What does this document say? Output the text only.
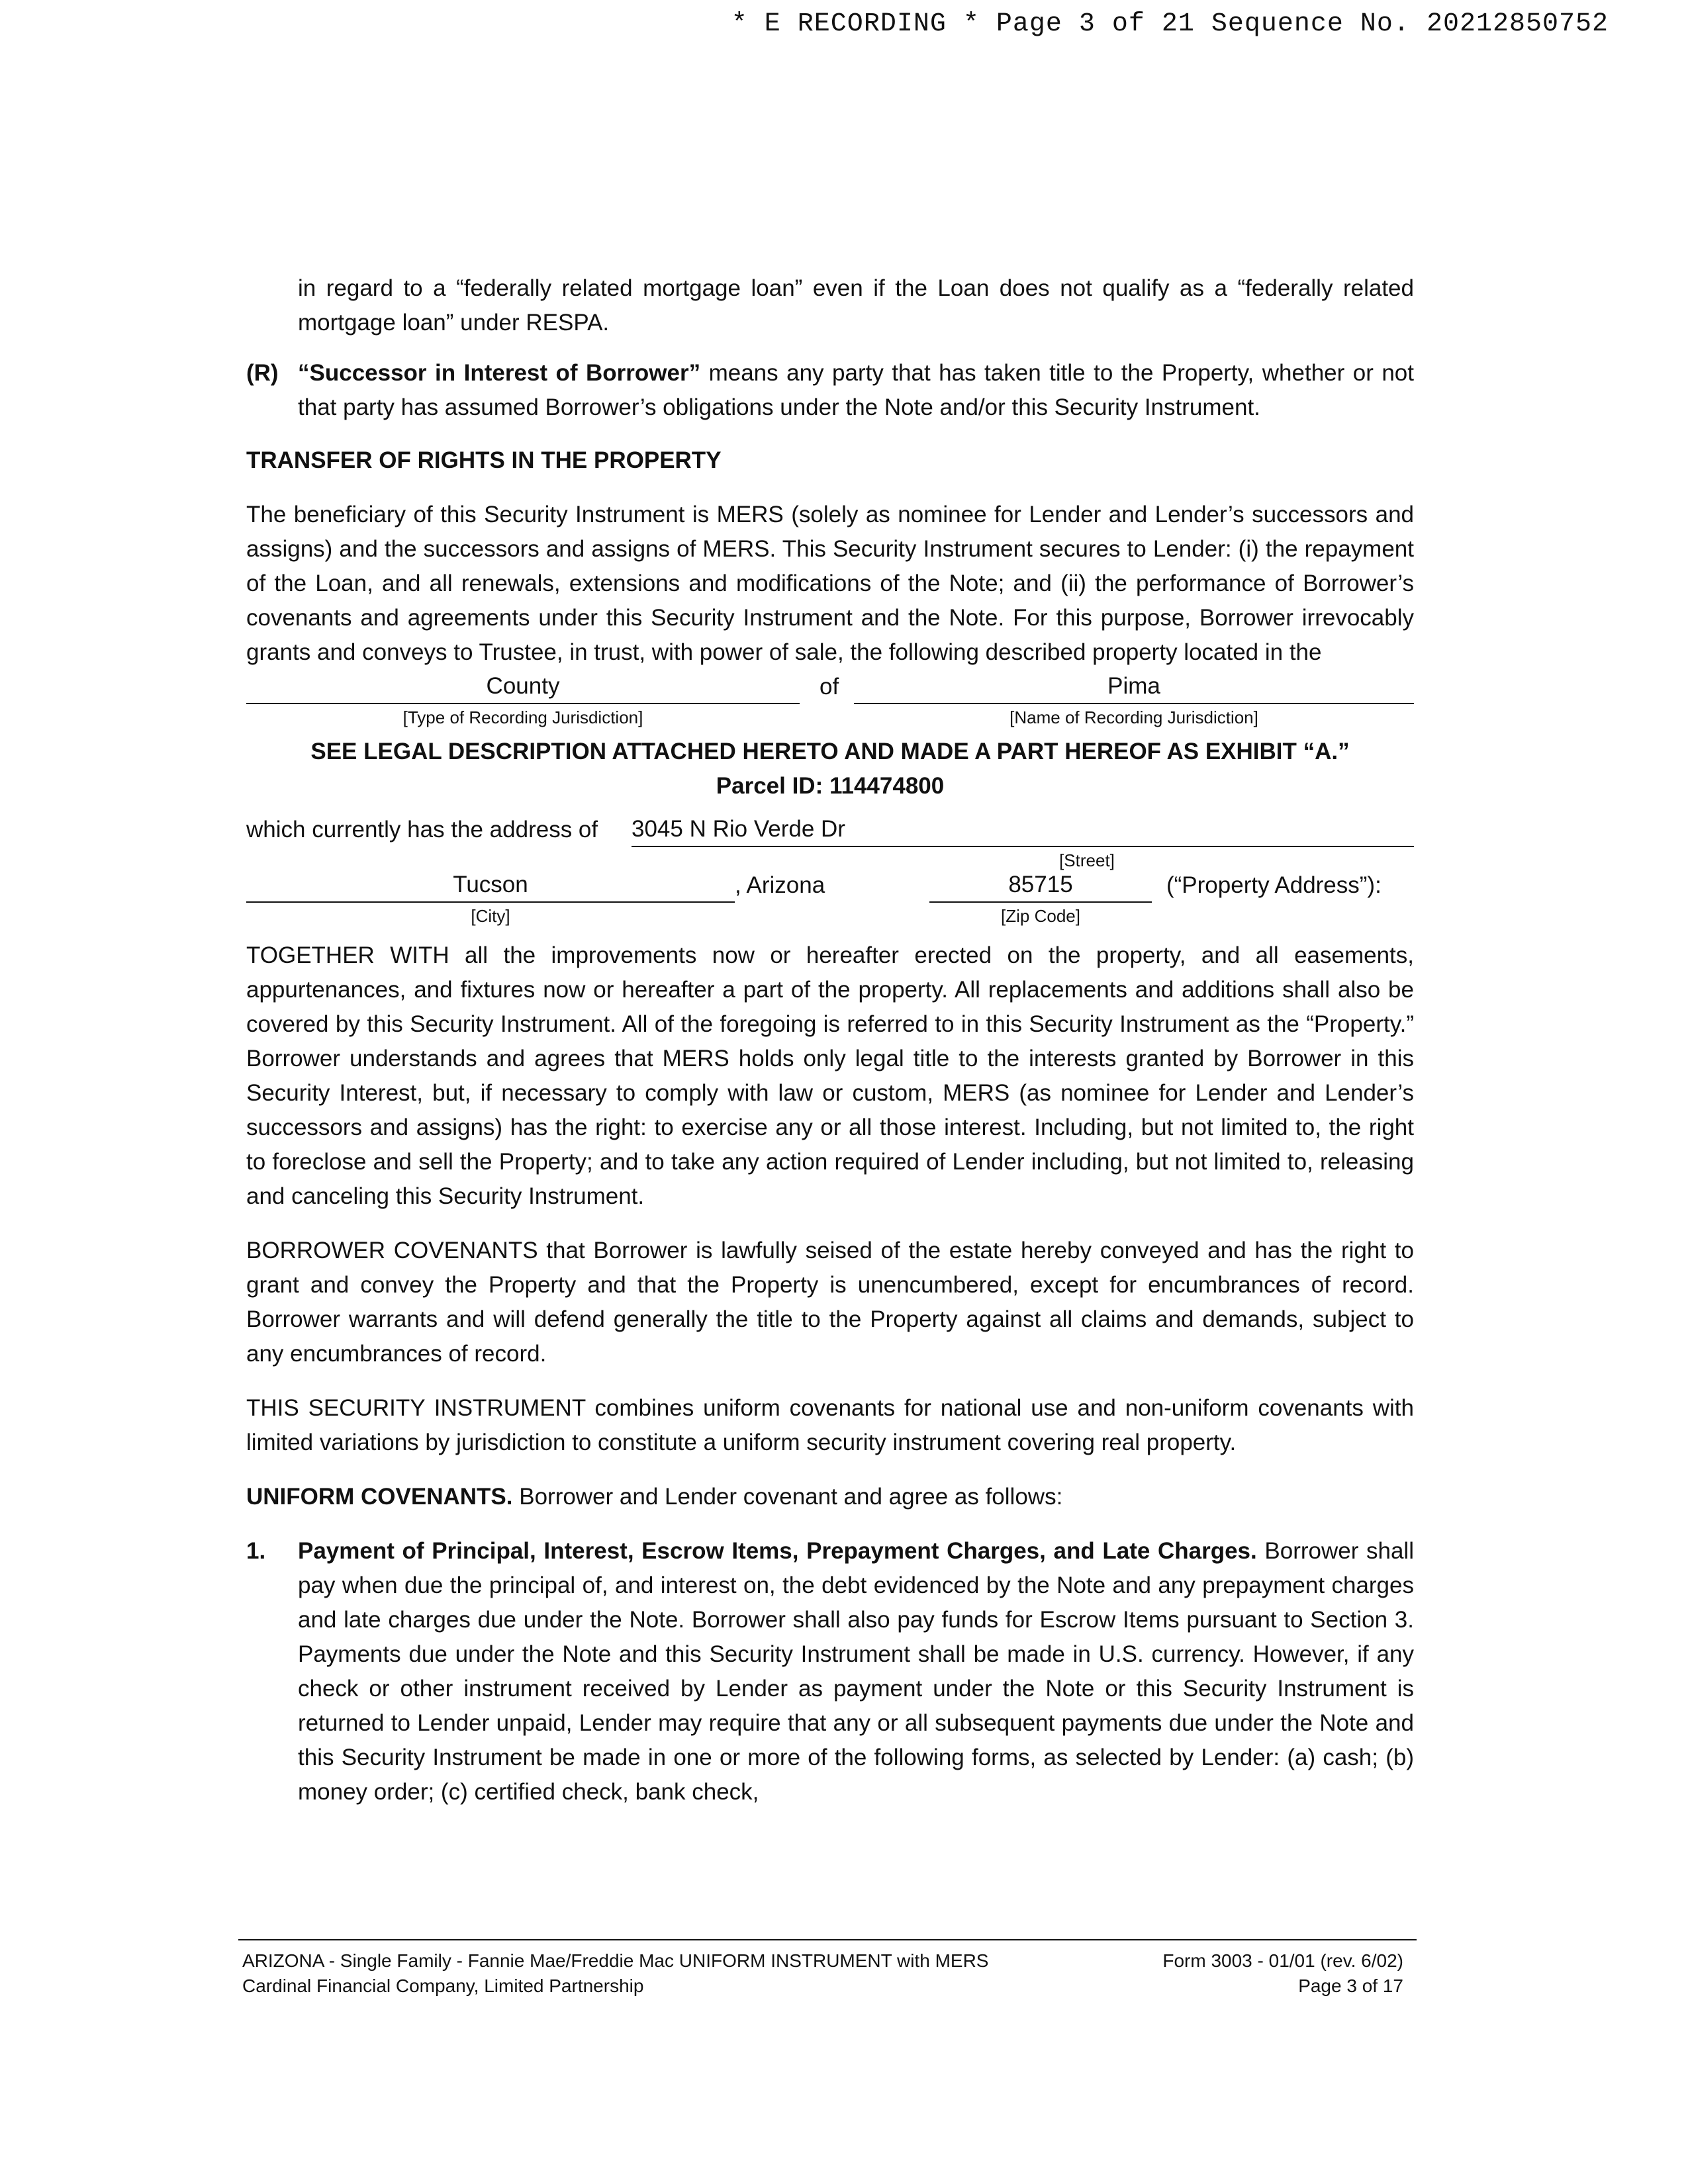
* E RECORDING * Page 3 of 21 Sequence No. 20212850752

in regard to a “federally related mortgage loan” even if the Loan does not qualify as a “federally related mortgage loan” under RESPA.

(R) “Successor in Interest of Borrower” means any party that has taken title to the Property, whether or not that party has assumed Borrower’s obligations under the Note and/or this Security Instrument.

TRANSFER OF RIGHTS IN THE PROPERTY

The beneficiary of this Security Instrument is MERS (solely as nominee for Lender and Lender’s successors and assigns) and the successors and assigns of MERS. This Security Instrument secures to Lender: (i) the repayment of the Loan, and all renewals, extensions and modifications of the Note; and (ii) the performance of Borrower’s covenants and agreements under this Security Instrument and the Note. For this purpose, Borrower irrevocably grants and conveys to Trustee, in trust, with power of sale, the following described property located in the

County	of	Pima
[Type of Recording Jurisdiction]	[Name of Recording Jurisdiction]

SEE LEGAL DESCRIPTION ATTACHED HERETO AND MADE A PART HEREOF AS EXHIBIT “A.”

Parcel ID: 114474800

which currently has the address of 3045 N Rio Verde Dr
[Street]
Tucson	, Arizona	85715	(“Property Address”):
[City]	[Zip Code]

TOGETHER WITH all the improvements now or hereafter erected on the property, and all easements, appurtenances, and fixtures now or hereafter a part of the property. All replacements and additions shall also be covered by this Security Instrument. All of the foregoing is referred to in this Security Instrument as the “Property.” Borrower understands and agrees that MERS holds only legal title to the interests granted by Borrower in this Security Interest, but, if necessary to comply with law or custom, MERS (as nominee for Lender and Lender’s successors and assigns) has the right: to exercise any or all those interest. Including, but not limited to, the right to foreclose and sell the Property; and to take any action required of Lender including, but not limited to, releasing and canceling this Security Instrument.

BORROWER COVENANTS that Borrower is lawfully seised of the estate hereby conveyed and has the right to grant and convey the Property and that the Property is unencumbered, except for encumbrances of record. Borrower warrants and will defend generally the title to the Property against all claims and demands, subject to any encumbrances of record.

THIS SECURITY INSTRUMENT combines uniform covenants for national use and non-uniform covenants with limited variations by jurisdiction to constitute a uniform security instrument covering real property.

UNIFORM COVENANTS. Borrower and Lender covenant and agree as follows:

1. Payment of Principal, Interest, Escrow Items, Prepayment Charges, and Late Charges. Borrower shall pay when due the principal of, and interest on, the debt evidenced by the Note and any prepayment charges and late charges due under the Note. Borrower shall also pay funds for Escrow Items pursuant to Section 3. Payments due under the Note and this Security Instrument shall be made in U.S. currency. However, if any check or other instrument received by Lender as payment under the Note or this Security Instrument is returned to Lender unpaid, Lender may require that any or all subsequent payments due under the Note and this Security Instrument be made in one or more of the following forms, as selected by Lender: (a) cash; (b) money order; (c) certified check, bank check,

ARIZONA - Single Family - Fannie Mae/Freddie Mac UNIFORM INSTRUMENT with MERS
Cardinal Financial Company, Limited Partnership
Form 3003 - 01/01 (rev. 6/02)
Page 3 of 17
